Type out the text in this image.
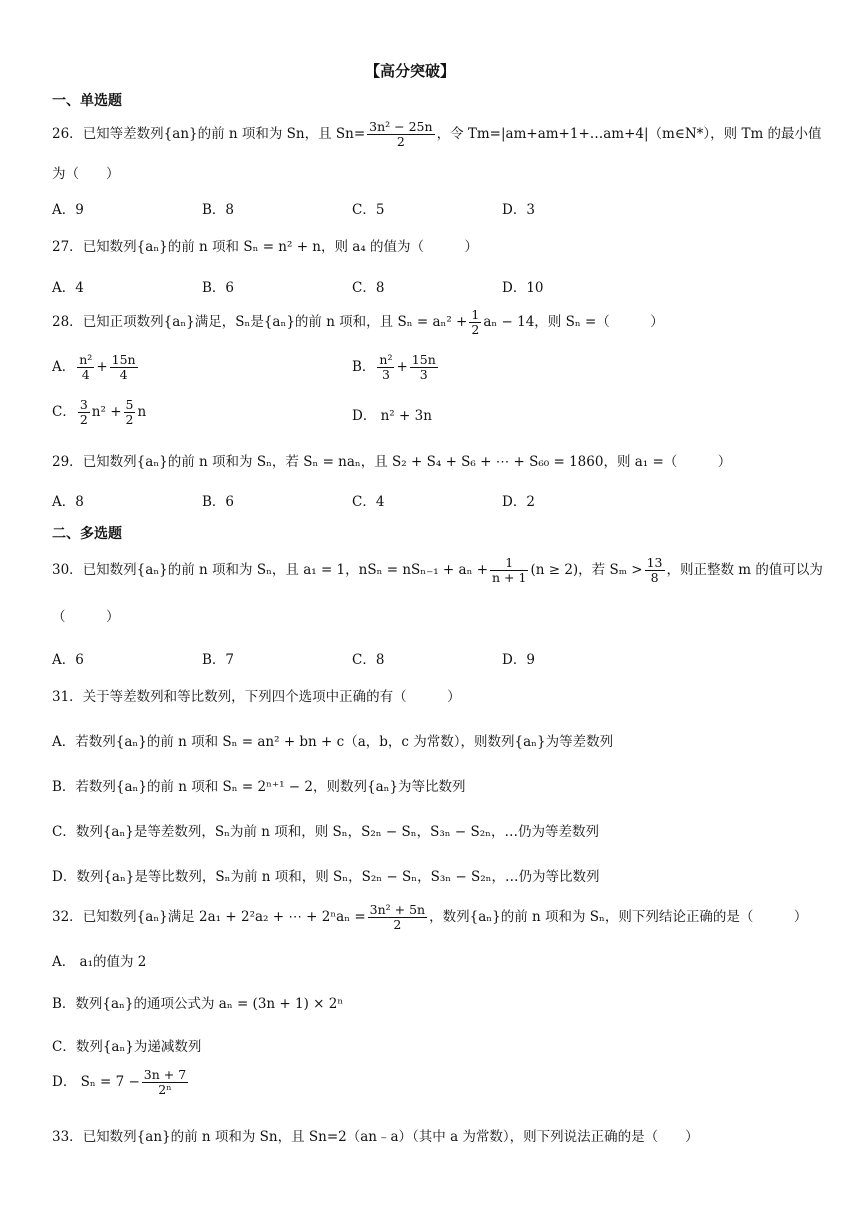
【高分突破】
一、单选题
26．已知等差数列{an}的前 n 项和为 Sn，且 $Sn= \frac{\text{3n² − 25n}}{2}$ ，令 Tm=|am+am+1+…am+4|（m∈N*），则 Tm 的最小值
为（　　）
A．9	B．8	C．5	D．3
27．已知数列{aₙ}的前 n 项和 Sₙ = n² + n，则 a₄ 的值为（　　　）
A．4	B．6	C．8	D．10
28．已知正项数列{aₙ}满足，Sₙ是{aₙ}的前 n 项和，且 $S_n = a_n^2 + \frac{1}{2}$ aₙ − 14，则 Sₙ =（　　　）
A． $\frac{\text{n²}}{4} + \frac{15n}{4}$	B． $\frac{\text{n²}}{3} + \frac{15n}{3}$
C． $\frac{3}{2} n^2 + \frac{5}{2}$ n	D． n² + 3n
29．已知数列{aₙ}的前 n 项和为 Sₙ，若 Sₙ = naₙ，且 S₂ + S₄ + S₆ + ⋯ + S₆₀ = 1860，则 a₁ =（　　　）
A．8	B．6	C．4	D．2
二、多选题
30．已知数列{aₙ}的前 n 项和为 Sₙ，且 a₁ = 1，$nS_n = nS_{n-1} + a_n + \frac{1}{n + 1} (n \ge 2)$，若 $S_m > \frac{13}{8}$ ，则正整数 m 的值可以为
（　　　）
A．6	B．7	C．8	D．9
31．关于等差数列和等比数列，下列四个选项中正确的有（　　　）
A．若数列{aₙ}的前 n 项和 Sₙ = an² + bn + c（a，b，c 为常数），则数列{aₙ}为等差数列
B．若数列{aₙ}的前 n 项和 Sₙ = 2ⁿ⁺¹ − 2，则数列{aₙ}为等比数列
C．数列{aₙ}是等差数列，Sₙ为前 n 项和，则 Sₙ，S₂ₙ − Sₙ，S₃ₙ − S₂ₙ，…仍为等差数列
D．数列{aₙ}是等比数列，Sₙ为前 n 项和，则 Sₙ，S₂ₙ − Sₙ，S₃ₙ − S₂ₙ，…仍为等比数列
32．已知数列{aₙ}满足 2a₁ + 2²a₂ + ⋯ + $2^na_n = \frac{\text{3n² + 5n}}{2}$ ，数列{aₙ}的前 n 项和为 Sₙ，则下列结论正确的是（　　　）
A． a₁的值为 2
B．数列{aₙ}的通项公式为 aₙ = (3n + 1) × 2ⁿ
C．数列{aₙ}为递减数列
D． $S_n = 7 - \frac{3n + 7}{\text{2ⁿ}}$
33．已知数列{an}的前 n 项和为 Sn，且 Sn=2（an﹣a）（其中 a 为常数），则下列说法正确的是（　　）
